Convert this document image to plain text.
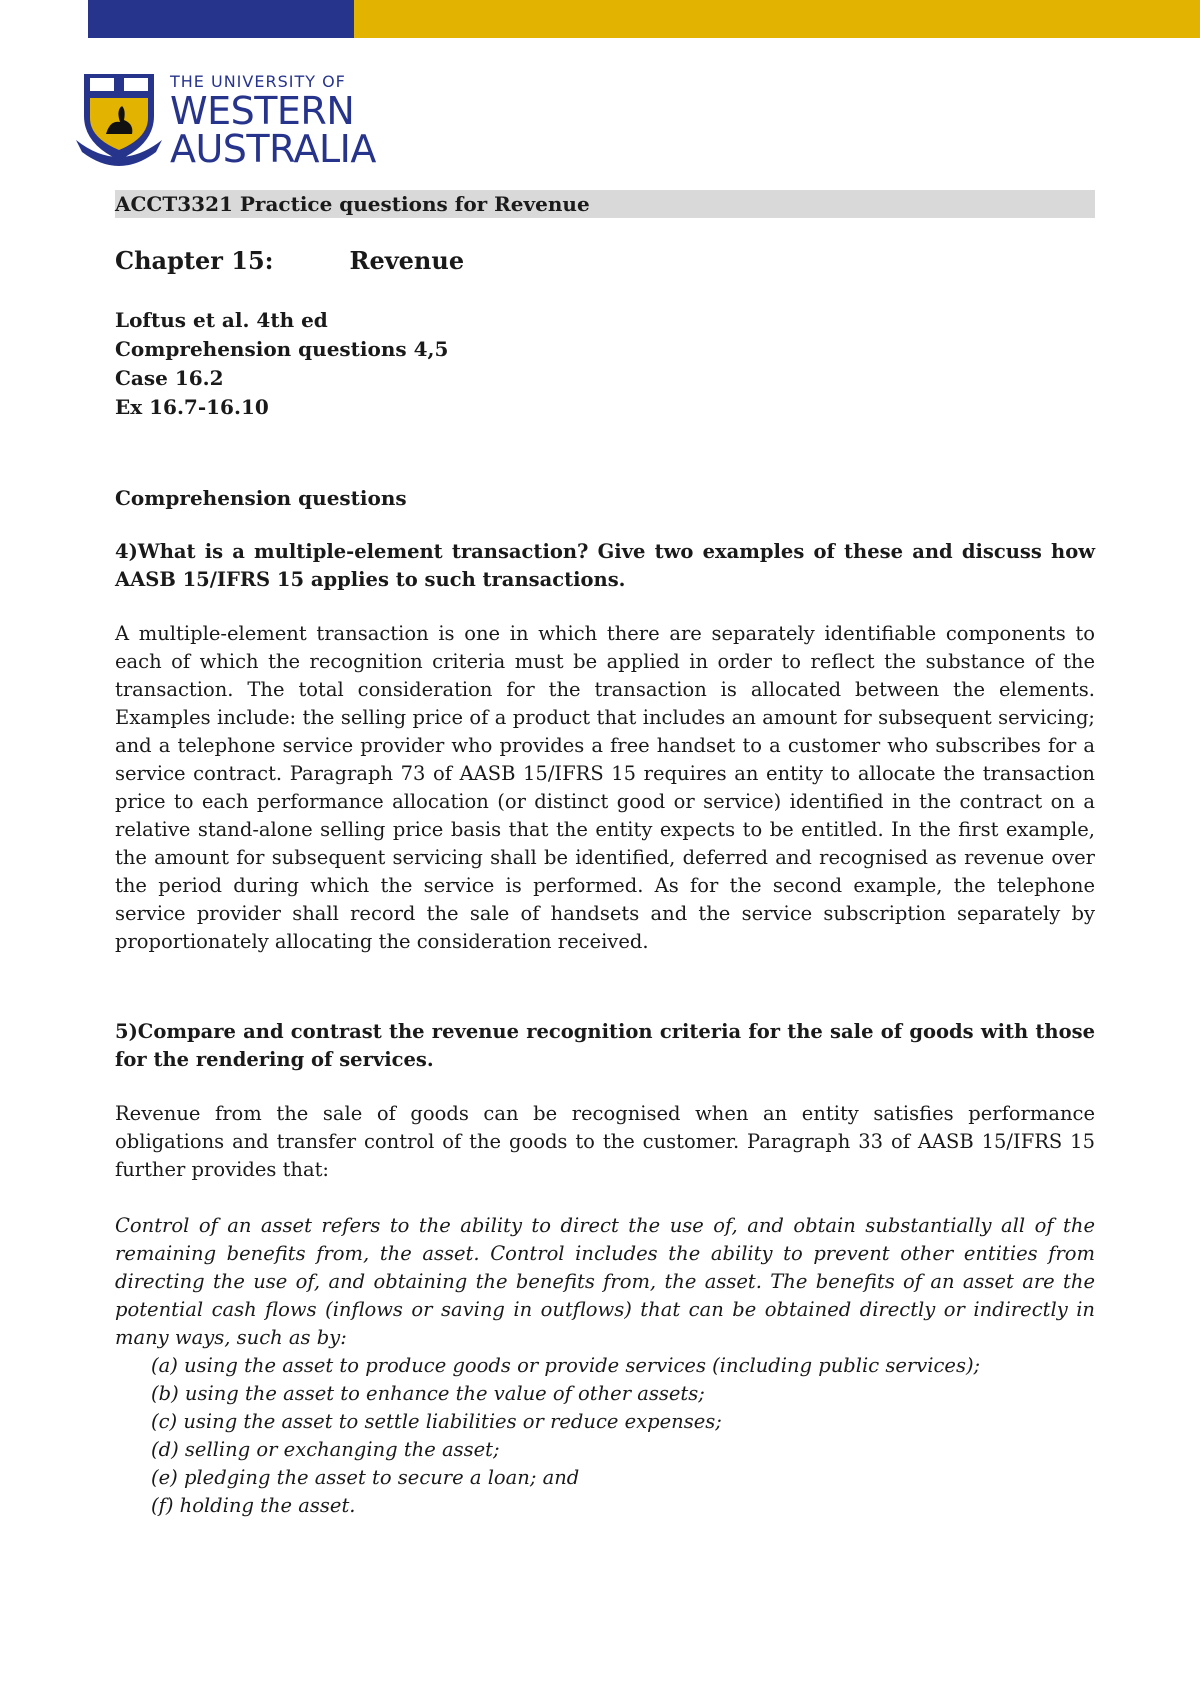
THE UNIVERSITY OF
WESTERN
AUSTRALIA
ACCT3321 Practice questions for Revenue
Chapter 15:	Revenue
Loftus et al. 4th ed
Comprehension questions 4,5
Case 16.2
Ex 16.7-16.10
Comprehension questions
4)What is a multiple-element transaction? Give two examples of these and discuss how AASB 15/IFRS 15 applies to such transactions.
A multiple-element transaction is one in which there are separately identifiable components to each of which the recognition criteria must be applied in order to reflect the substance of the transaction. The total consideration for the transaction is allocated between the elements. Examples include: the selling price of a product that includes an amount for subsequent servicing; and a telephone service provider who provides a free handset to a customer who subscribes for a service contract. Paragraph 73 of AASB 15/IFRS 15 requires an entity to allocate the transaction price to each performance allocation (or distinct good or service) identified in the contract on a relative stand-alone selling price basis that the entity expects to be entitled. In the first example, the amount for subsequent servicing shall be identified, deferred and recognised as revenue over the period during which the service is performed. As for the second example, the telephone service provider shall record the sale of handsets and the service subscription separately by proportionately allocating the consideration received.
5)Compare and contrast the revenue recognition criteria for the sale of goods with those for the rendering of services.
Revenue from the sale of goods can be recognised when an entity satisfies performance obligations and transfer control of the goods to the customer. Paragraph 33 of AASB 15/IFRS 15 further provides that:
Control of an asset refers to the ability to direct the use of, and obtain substantially all of the remaining benefits from, the asset. Control includes the ability to prevent other entities from directing the use of, and obtaining the benefits from, the asset. The benefits of an asset are the potential cash flows (inflows or saving in outflows) that can be obtained directly or indirectly in many ways, such as by:
(a) using the asset to produce goods or provide services (including public services);
(b) using the asset to enhance the value of other assets;
(c) using the asset to settle liabilities or reduce expenses;
(d) selling or exchanging the asset;
(e) pledging the asset to secure a loan; and
(f) holding the asset.
